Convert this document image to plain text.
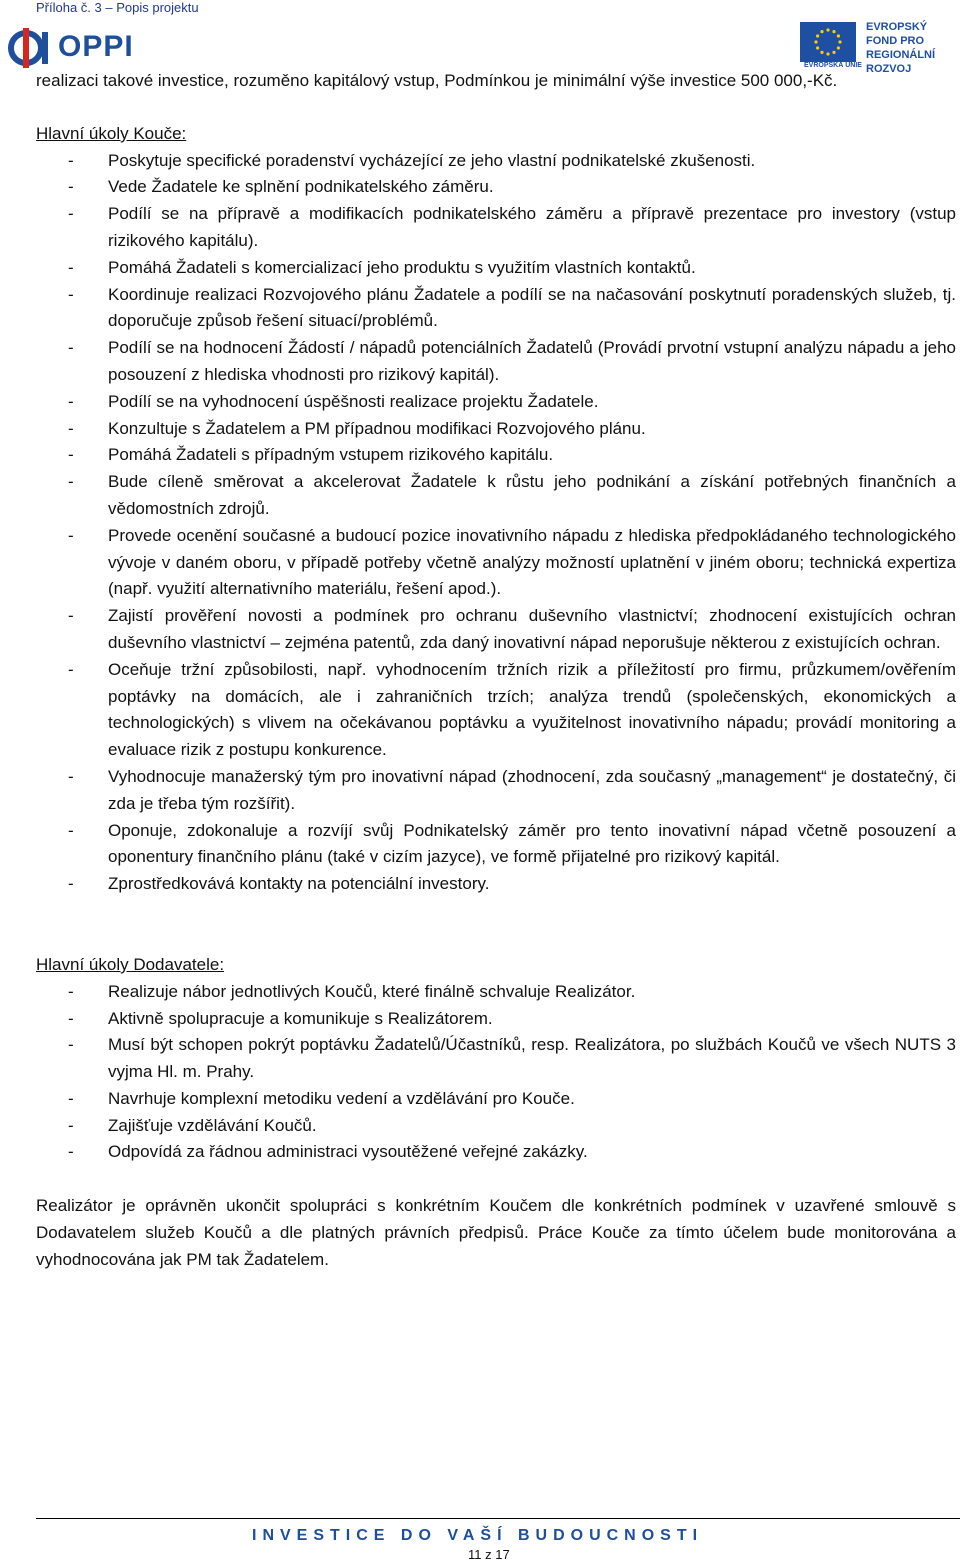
Příloha č. 3 – Popis projektu
OPPI
EVROPSKÁ UNIE
EVROPSKÝ FOND PRO REGIONÁLNÍ ROZVOJ

realizaci takové investice, rozuměno kapitálový vstup, Podmínkou je minimální výše investice 500 000,-Kč.

Hlavní úkoly Kouče:
- Poskytuje specifické poradenství vycházející ze jeho vlastní podnikatelské zkušenosti.
- Vede Žadatele ke splnění podnikatelského záměru.
- Podílí se na přípravě a modifikacích podnikatelského záměru a přípravě prezentace pro investory (vstup rizikového kapitálu).
- Pomáhá Žadateli s komercializací jeho produktu s využitím vlastních kontaktů.
- Koordinuje realizaci Rozvojového plánu Žadatele a podílí se na načasování poskytnutí poradenských služeb, tj. doporučuje způsob řešení situací/problémů.
- Podílí se na hodnocení Žádostí / nápadů potenciálních Žadatelů (Provádí prvotní vstupní analýzu nápadu a jeho posouzení z hlediska vhodnosti pro rizikový kapitál).
- Podílí se na vyhodnocení úspěšnosti realizace projektu Žadatele.
- Konzultuje s Žadatelem a PM případnou modifikaci Rozvojového plánu.
- Pomáhá Žadateli s případným vstupem rizikového kapitálu.
- Bude cíleně směrovat a akcelerovat Žadatele k růstu jeho podnikání a získání potřebných finančních a vědomostních zdrojů.
- Provede ocenění současné a budoucí pozice inovativního nápadu z hlediska předpokládaného technologického vývoje v daném oboru, v případě potřeby včetně analýzy možností uplatnění v jiném oboru; technická expertiza (např. využití alternativního materiálu, řešení apod.).
- Zajistí prověření novosti a podmínek pro ochranu duševního vlastnictví; zhodnocení existujících ochran duševního vlastnictví – zejména patentů, zda daný inovativní nápad neporušuje některou z existujících ochran.
- Oceňuje tržní způsobilosti, např. vyhodnocením tržních rizik a příležitostí pro firmu, průzkumem/ověřením poptávky na domácích, ale i zahraničních trzích; analýza trendů (společenských, ekonomických a technologických) s vlivem na očekávanou poptávku a využitelnost inovativního nápadu; provádí monitoring a evaluace rizik z postupu konkurence.
- Vyhodnocuje manažerský tým pro inovativní nápad (zhodnocení, zda současný „management“ je dostatečný, či zda je třeba tým rozšířit).
- Oponuje, zdokonaluje a rozvíjí svůj Podnikatelský záměr pro tento inovativní nápad včetně posouzení a oponentury finančního plánu (také v cizím jazyce), ve formě přijatelné pro rizikový kapitál.
- Zprostředkovává kontakty na potenciální investory.
Hlavní úkoly Dodavatele:
- Realizuje nábor jednotlivých Koučů, které finálně schvaluje Realizátor.
- Aktivně spolupracuje a komunikuje s Realizátorem.
- Musí být schopen pokrýt poptávku Žadatelů/Účastníků, resp. Realizátora, po službách Koučů ve všech NUTS 3 vyjma Hl. m. Prahy.
- Navrhuje komplexní metodiku vedení a vzdělávání pro Kouče.
- Zajišťuje vzdělávání Koučů.
- Odpovídá za řádnou administraci vysoutěžené veřejné zakázky.

Realizátor je oprávněn ukončit spolupráci s konkrétním Koučem dle konkrétních podmínek v uzavřené smlouvě s Dodavatelem služeb Koučů a dle platných právních předpisů. Práce Kouče za tímto účelem bude monitorována a vyhodnocována jak PM tak Žadatelem.

INVESTICE DO VAŠÍ BUDOUCNOSTI
11 z 17
